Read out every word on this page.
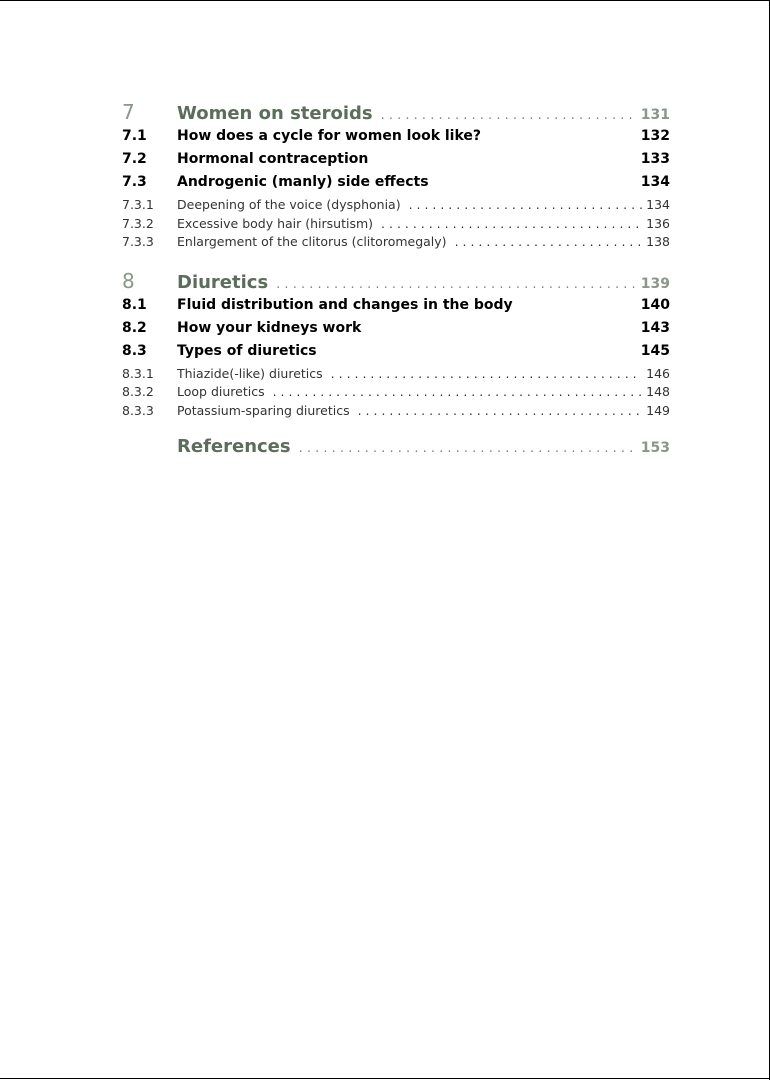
7	Women on steroids . . .	131
7.1	How does a cycle for women look like?	132
7.2	Hormonal contraception	133
7.3	Androgenic (manly) side effects	134
7.3.1	Deepening of the voice (dysphonia) . . .	134
7.3.2	Excessive body hair (hirsutism) . . .	136
7.3.3	Enlargement of the clitorus (clitoromegaly) . . .	138
8	Diuretics . . .	139
8.1	Fluid distribution and changes in the body	140
8.2	How your kidneys work	143
8.3	Types of diuretics	145
8.3.1	Thiazide(-like) diuretics . . .	146
8.3.2	Loop diuretics . . .	148
8.3.3	Potassium-sparing diuretics . . .	149
References . . .	153
